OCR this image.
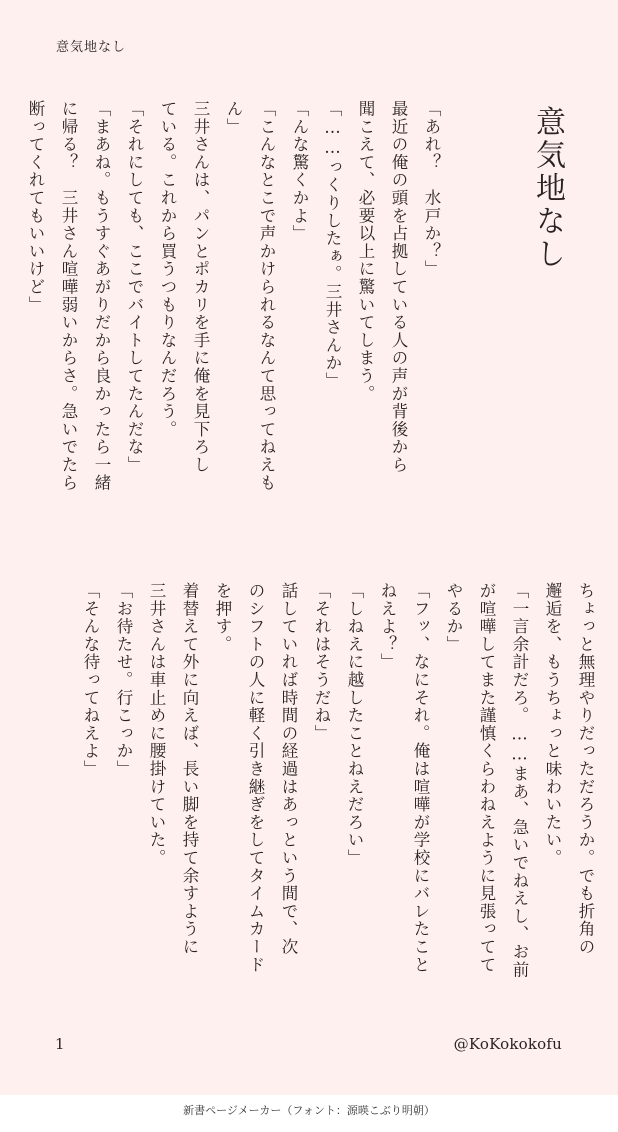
意気地なし
意気地なし
「あれ？　水戸か？」
最近の俺の頭を占拠している人の声が背後から
聞こえて、必要以上に驚いてしまう。
「……っくりしたぁ。三井さんか」
「んな驚くかよ」
「こんなとこで声かけられるなんて思ってねえも
ん」
三井さんは、パンとポカリを手に俺を見下ろし
ている。これから買うつもりなんだろう。
「それにしても、ここでバイトしてたんだな」
「まあね。もうすぐあがりだから良かったら一緒
に帰る？　三井さん喧嘩弱いからさ。急いでたら
断ってくれてもいいけど」
ちょっと無理やりだっただろうか。でも折角の
邂逅を、もうちょっと味わいたい。
「一言余計だろ。……まあ、急いでねえし、お前
が喧嘩してまた謹慎くらわねえように見張ってて
やるか」
「フッ、なにそれ。俺は喧嘩が学校にバレたこと
ねえよ？」
「しねえに越したことねえだろい」
「それはそうだね」
話していれば時間の経過はあっという間で、次
のシフトの人に軽く引き継ぎをしてタイムカード
を押す。
着替えて外に向えば、長い脚を持て余すように
三井さんは車止めに腰掛けていた。
「お待たせ。行こっか」
「そんな待ってねえよ」
1	@KoKokokofu
新書ページメーカー（フォント：源暎こぶり明朝）
